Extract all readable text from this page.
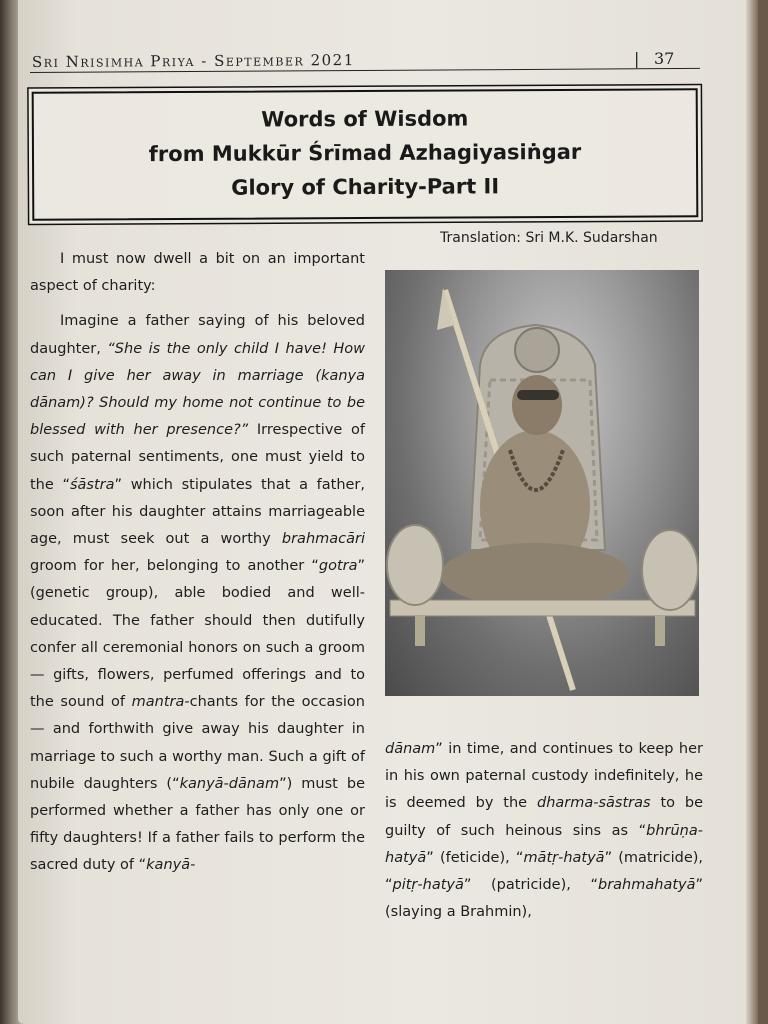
Sri Nrisimha Priya - September 2021	| 37
Words of Wisdom
from Mukkūr Śrīmad Azhagiyasiṅgar
Glory of Charity-Part II
Translation: Sri M.K. Sudarshan

I must now dwell a bit on an important aspect of charity:

Imagine a father saying of his beloved daughter, “She is the only child I have! How can I give her away in marriage (kanya dānam)? Should my home not continue to be blessed with her presence?” Irrespective of such paternal sentiments, one must yield to the “śāstra” which stipulates that a father, soon after his daughter attains marriageable age, must seek out a worthy brahmacāri groom for her, belonging to another “gotra” (genetic group), able bodied and well-educated. The father should then dutifully confer all ceremonial honors on such a groom — gifts, flowers, perfumed offerings and to the sound of mantra-chants for the occasion — and forthwith give away his daughter in marriage to such a worthy man. Such a gift of nubile daughters (“kanyā-dānam”) must be performed whether a father has only one or fifty daughters! If a father fails to perform the sacred duty of “kanyā-

dānam” in time, and continues to keep her in his own paternal custody indefinitely, he is deemed by the dharma-sāstras to be guilty of such heinous sins as “bhrūṇa-hatyā” (feticide), “mātṛ-hatyā” (matricide), “pitṛ-hatyā” (patricide), “brahmahatyā” (slaying a Brahmin),
